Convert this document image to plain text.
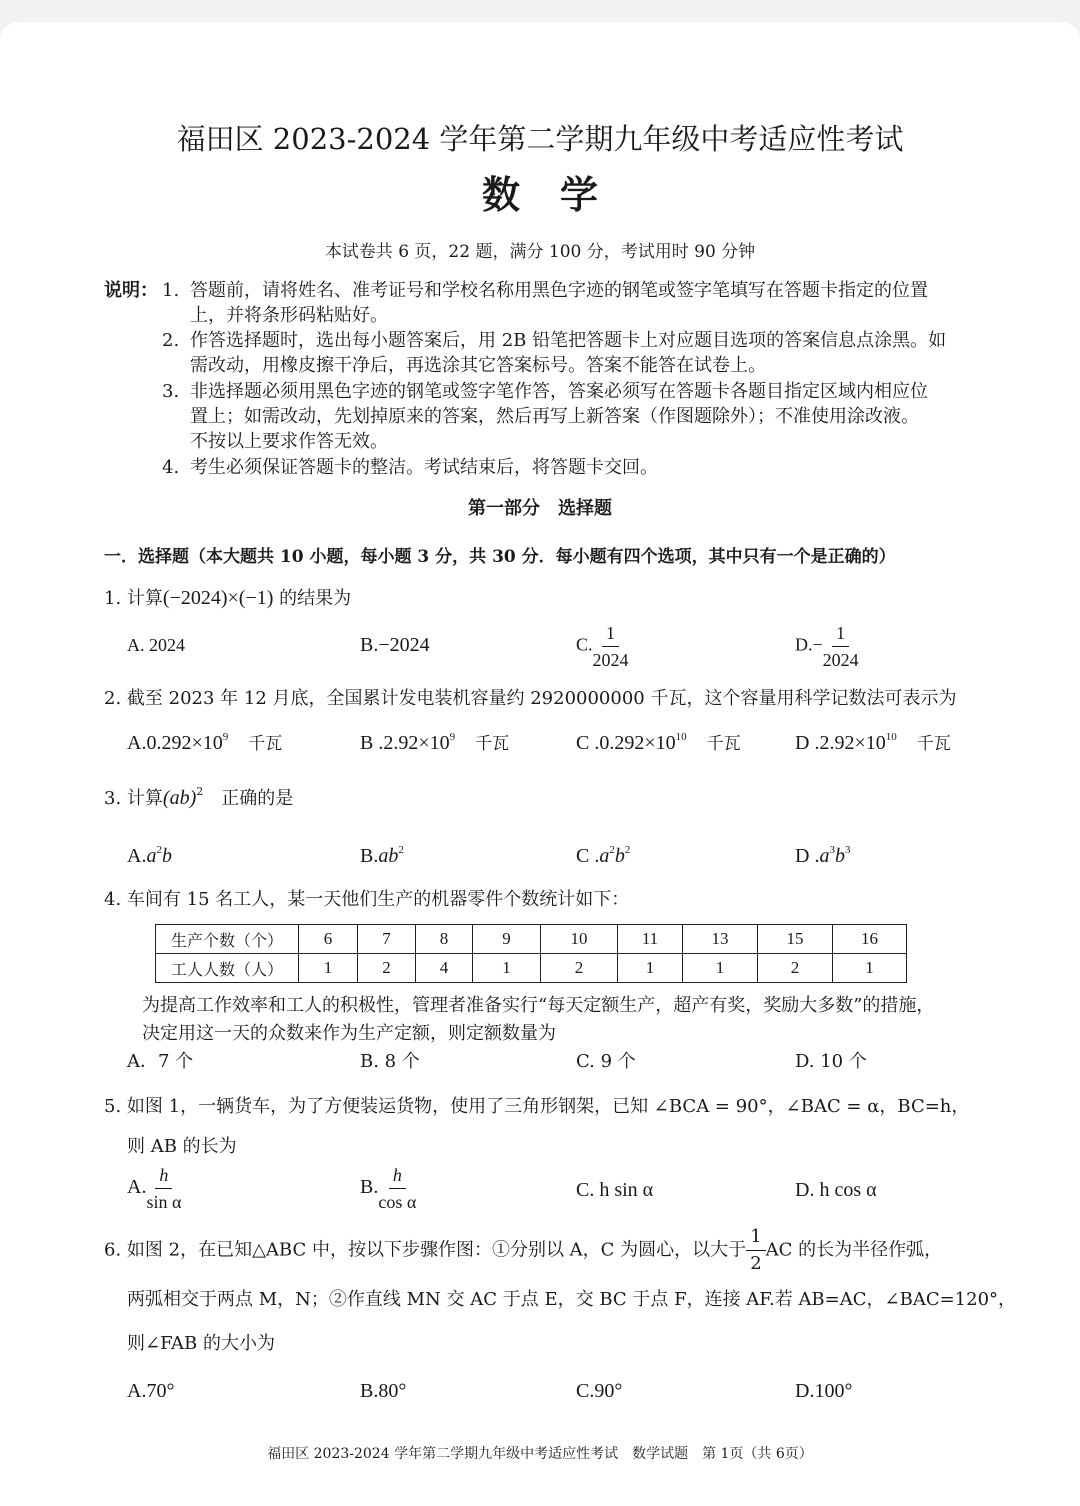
福田区 2023-2024 学年第二学期九年级中考适应性考试
数学
本试卷共 6 页，22 题，满分 100 分，考试用时 90 分钟
说明： 1. 答题前，请将姓名、准考证号和学校名称用黑色字迹的钢笔或签字笔填写在答题卡指定的位置
上，并将条形码粘贴好。
2. 作答选择题时，选出每小题答案后，用 2B 铅笔把答题卡上对应题目选项的答案信息点涂黑。如
需改动，用橡皮擦干净后，再选涂其它答案标号。答案不能答在试卷上。
3. 非选择题必须用黑色字迹的钢笔或签字笔作答，答案必须写在答题卡各题目指定区域内相应位
置上；如需改动，先划掉原来的答案，然后再写上新答案（作图题除外）；不准使用涂改液。
不按以上要求作答无效。
4. 考生必须保证答题卡的整洁。考试结束后，将答题卡交回。
第一部分　选择题
一．选择题（本大题共 10 小题，每小题 3 分，共 30 分．每小题有四个选项，其中只有一个是正确的）
1. 计算(−2024)×(−1) 的结果为
A. 2024	B.−2024	C. $\frac{1}{2024}$	$D.- \frac{1}{2024}$
2. 截至 2023 年 12 月底，全国累计发电装机容量约 2920000000 千瓦，这个容量用科学记数法可表示为
$A.0.292\times 10^9$　 千瓦	B $.2.92\times 10^9$　 千瓦	C $.0.292\times 10^{10}$　 千瓦	D $.2.92\times 10^{10}$　 千瓦
3. 计算(ab)$^2$　 正确的是
$A.a^2b$	$B.ab^2$	C $.a^2b^2$	D $.a^3b^3$
4. 车间有 15 名工人，某一天他们生产的机器零件个数统计如下：
生产个数（个）	6	7	8	9	10	11	13	15	16
工人人数（人）	1	2	4	1	2	1	1	2	1
为提高工作效率和工人的积极性，管理者准备实行“每天定额生产，超产有奖，奖励大多数”的措施，
决定用这一天的众数来作为生产定额，则定额数量为
A．7 个	B. 8 个	C. 9 个	D. 10 个
5. 如图 1，一辆货车，为了方便装运货物，使用了三角形钢架，已知 ∠BCA = 90°，∠BAC = α，BC=h，
则 AB 的长为
A. $\frac{h}{\text{sin α}}$	B. $\frac{h}{\text{cos α}}$	C. h sin α	D. h cos α
6. 如图 2，在已知△ABC 中，按以下步骤作图：①分别以 A，C 为圆心，以大于 $\frac{1}{2}$ AC 的长为半径作弧，
两弧相交于两点 M，N；②作直线 MN 交 AC 于点 E，交 BC 于点 F，连接 AF.若 AB=AC，∠BAC=120°，
则∠FAB 的大小为
A.70°	B.80°	C.90°	D.100°
福田区 2023-2024 学年第二学期九年级中考适应性考试　数学试题　第 1页（共 6页）
